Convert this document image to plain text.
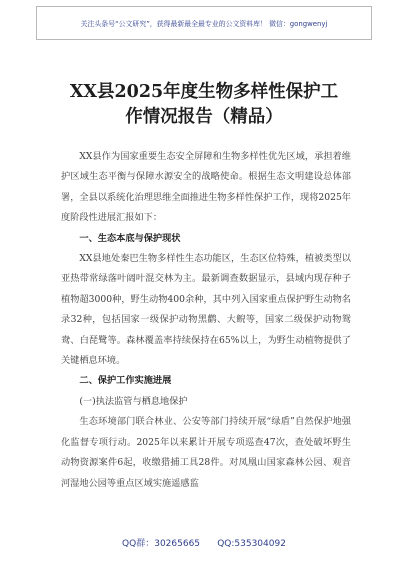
关注头条号“公文研究”，获得最新最全最专业的公文资料库！ 微信：gongwenyj
XX县2025年度生物多样性保护工
作情况报告（精品）

XX县作为国家重要生态安全屏障和生物多样性优先区域，承担着维护区域生态平衡与保障水源安全的战略使命。根据生态文明建设总体部署，全县以系统化治理思维全面推进生物多样性保护工作，现将2025年度阶段性进展汇报如下：

一、生态本底与保护现状

XX县地处秦巴生物多样性生态功能区，生态区位特殊，植被类型以亚热带常绿落叶阔叶混交林为主。最新调查数据显示，县域内现存种子植物超3000种，野生动物400余种，其中列入国家重点保护野生动物名录32种，包括国家一级保护动物黑鹳、大鲵等，国家二级保护动物鸳鸯、白琵鹭等。森林覆盖率持续保持在65%以上，为野生动植物提供了关键栖息环境。

二、保护工作实施进展

(一)执法监管与栖息地保护

生态环境部门联合林业、公安等部门持续开展“绿盾”自然保护地强化监督专项行动。2025年以来累计开展专项巡查47次，查处破坏野生动物资源案件6起，收缴猎捕工具28件。对凤凰山国家森林公园、观音河湿地公园等重点区域实施遥感监

QQ群：30265665 QQ:535304092
